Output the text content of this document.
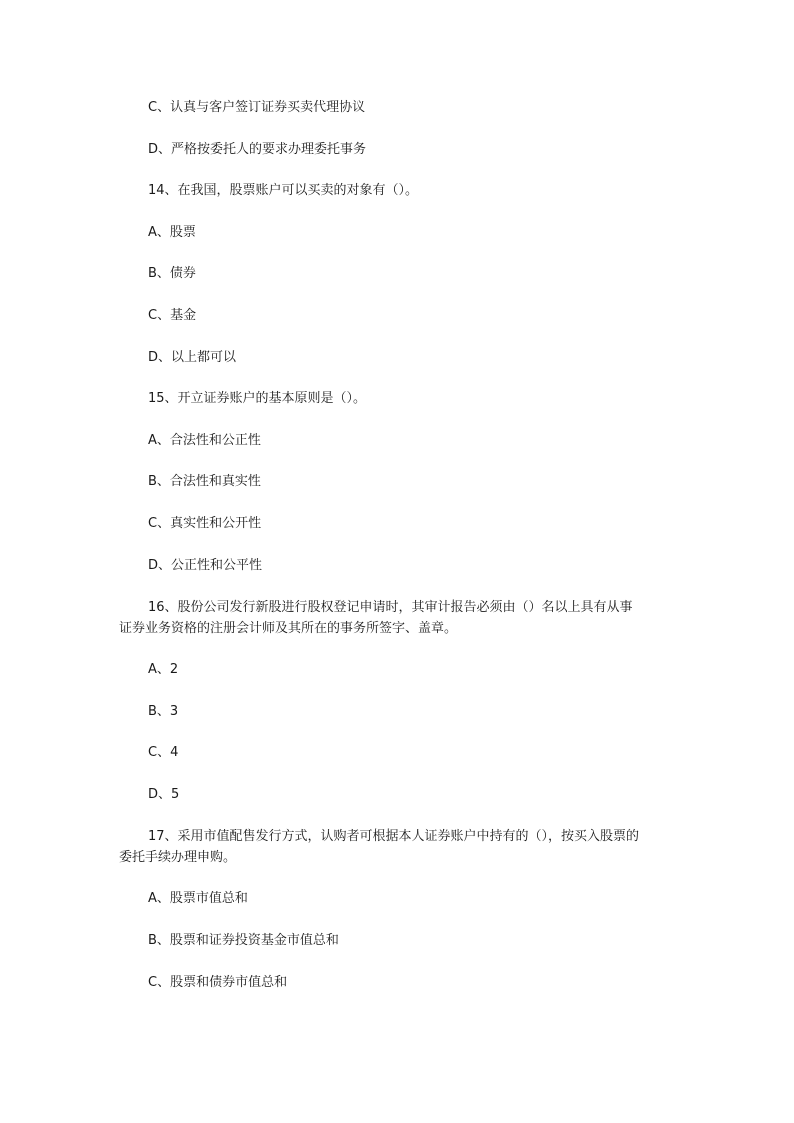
C、认真与客户签订证券买卖代理协议
D、严格按委托人的要求办理委托事务
14、在我国，股票账户可以买卖的对象有（）。
A、股票
B、债券
C、基金
D、以上都可以
15、开立证券账户的基本原则是（）。
A、合法性和公正性
B、合法性和真实性
C、真实性和公开性
D、公正性和公平性
16、股份公司发行新股进行股权登记申请时，其审计报告必须由（）名以上具有从事
证券业务资格的注册会计师及其所在的事务所签字、盖章。
A、2
B、3
C、4
D、5
17、采用市值配售发行方式，认购者可根据本人证券账户中持有的（），按买入股票的
委托手续办理申购。
A、股票市值总和
B、股票和证券投资基金市值总和
C、股票和债券市值总和
